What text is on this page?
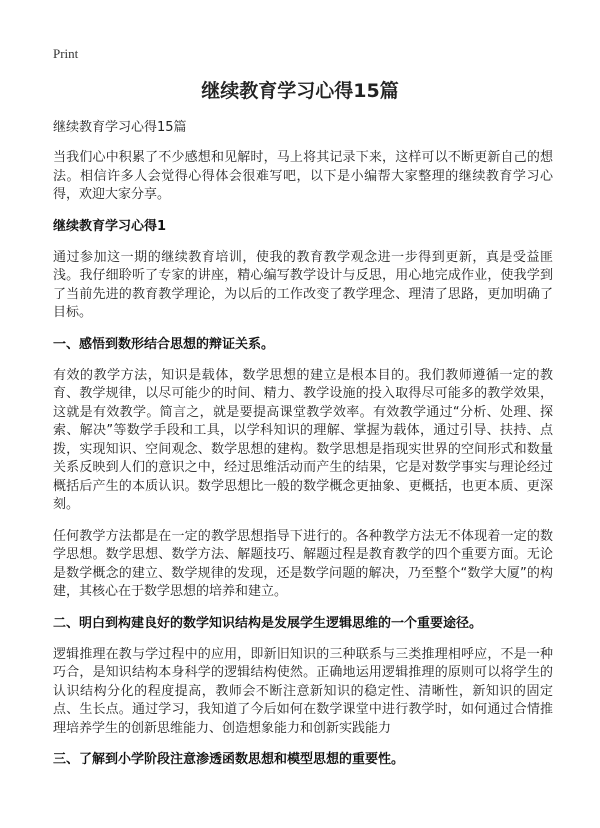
Print
继续教育学习心得15篇

继续教育学习心得15篇

当我们心中积累了不少感想和见解时，马上将其记录下来，这样可以不断更新自己的想法。相信许多人会觉得心得体会很难写吧，以下是小编帮大家整理的继续教育学习心得，欢迎大家分享。

继续教育学习心得1

通过参加这一期的继续教育培训，使我的教育教学观念进一步得到更新，真是受益匪浅。我仔细聆听了专家的讲座，精心编写教学设计与反思，用心地完成作业，使我学到了当前先进的教育教学理论，为以后的工作改变了教学理念、理清了思路，更加明确了目标。

一、感悟到数形结合思想的辩证关系。

有效的教学方法，知识是载体，数学思想的建立是根本目的。我们教师遵循一定的教育、教学规律，以尽可能少的时间、精力、教学设施的投入取得尽可能多的教学效果，这就是有效教学。简言之，就是要提高课堂教学效率。有效教学通过“分析、处理、探索、解决”等数学手段和工具，以学科知识的理解、掌握为载体，通过引导、扶持、点拨，实现知识、空间观念、数学思想的建构。数学思想是指现实世界的空间形式和数量关系反映到人们的意识之中，经过思维活动而产生的结果，它是对数学事实与理论经过概括后产生的本质认识。数学思想比一般的数学概念更抽象、更概括，也更本质、更深刻。

任何教学方法都是在一定的教学思想指导下进行的。各种教学方法无不体现着一定的数学思想。数学思想、数学方法、解题技巧、解题过程是教育教学的四个重要方面。无论是数学概念的建立、数学规律的发现，还是数学问题的解决，乃至整个“数学大厦”的构建，其核心在于数学思想的培养和建立。

二、明白到构建良好的数学知识结构是发展学生逻辑思维的一个重要途径。

逻辑推理在教与学过程中的应用，即新旧知识的三种联系与三类推理相呼应，不是一种巧合，是知识结构本身科学的逻辑结构使然。正确地运用逻辑推理的原则可以将学生的认识结构分化的程度提高，教师会不断注意新知识的稳定性、清晰性，新知识的固定点、生长点。通过学习，我知道了今后如何在数学课堂中进行教学时，如何通过合情推理培养学生的创新思维能力、创造想象能力和创新实践能力

三、了解到小学阶段注意渗透函数思想和模型思想的重要性。
